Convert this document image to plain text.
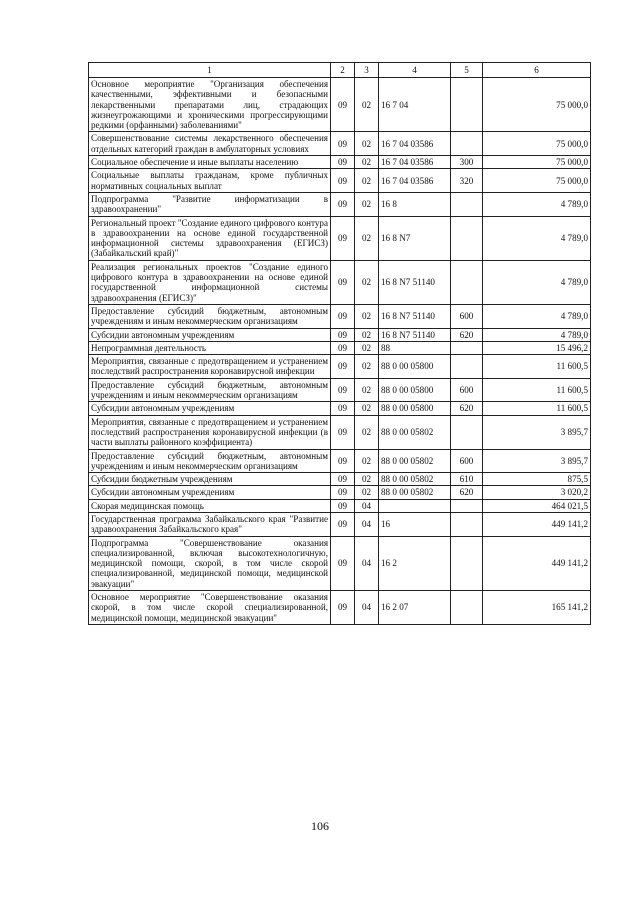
1	2	3	4	5	6
Основное мероприятие "Организация обеспечения качественными, эффективными и безопасными лекарственными препаратами лиц, страдающих жизнеугрожающими и хроническими прогрессирующими редкими (орфанными) заболеваниями"	09	02	16 7 04		75 000,0
Совершенствование системы лекарственного обеспечения отдельных категорий граждан в амбулаторных условиях	09	02	16 7 04 03586		75 000,0
Социальное обеспечение и иные выплаты населению	09	02	16 7 04 03586	300	75 000,0
Социальные выплаты гражданам, кроме публичных нормативных социальных выплат	09	02	16 7 04 03586	320	75 000,0
Подпрограмма "Развитие информатизации в здравоохранении"	09	02	16 8		4 789,0
Региональный проект "Создание единого цифрового контура в здравоохранении на основе единой государственной информационной системы здравоохранения (ЕГИСЗ) (Забайкальский край)"	09	02	16 8 N7		4 789,0
Реализация региональных проектов "Создание единого цифрового контура в здравоохранении на основе единой государственной информационной системы здравоохранения (ЕГИСЗ)"	09	02	16 8 N7 51140		4 789,0
Предоставление субсидий бюджетным, автономным учреждениям и иным некоммерческим организациям	09	02	16 8 N7 51140	600	4 789,0
Субсидии автономным учреждениям	09	02	16 8 N7 51140	620	4 789,0
Непрограммная деятельность	09	02	88		15 496,2
Мероприятия, связанные с предотвращением и устранением последствий распространения коронавирусной инфекции	09	02	88 0 00 05800		11 600,5
Предоставление субсидий бюджетным, автономным учреждениям и иным некоммерческим организациям	09	02	88 0 00 05800	600	11 600,5
Субсидии автономным учреждениям	09	02	88 0 00 05800	620	11 600,5
Мероприятия, связанные с предотвращением и устранением последствий распространения коронавирусной инфекции (в части выплаты районного коэффициента)	09	02	88 0 00 05802		3 895,7
Предоставление субсидий бюджетным, автономным учреждениям и иным некоммерческим организациям	09	02	88 0 00 05802	600	3 895,7
Субсидии бюджетным учреждениям	09	02	88 0 00 05802	610	875,5
Субсидии автономным учреждениям	09	02	88 0 00 05802	620	3 020,2
Скорая медицинская помощь	09	04			464 021,5
Государственная программа Забайкальского края "Развитие здравоохранения Забайкальского края"	09	04	16		449 141,2
Подпрограмма "Совершенствование оказания специализированной, включая высокотехнологичную, медицинской помощи, скорой, в том числе скорой специализированной, медицинской помощи, медицинской эвакуации"	09	04	16 2		449 141,2
Основное мероприятие "Совершенствование оказания скорой, в том числе скорой специализированной, медицинской помощи, медицинской эвакуации"	09	04	16 2 07		165 141,2
106
